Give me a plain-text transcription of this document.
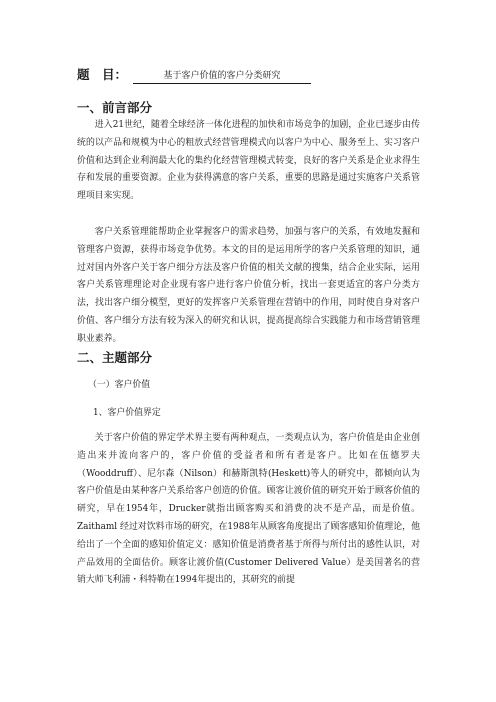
题　目：	基于客户价值的客户分类研究
一、前言部分

进入21世纪，随着全球经济一体化进程的加快和市场竞争的加剧，企业已逐步由传统的以产品和规模为中心的粗放式经营管理模式向以客户为中心、服务至上、实习客户价值和达到企业利润最大化的集约化经营管理模式转变，良好的客户关系是企业求得生存和发展的重要资源。企业为获得满意的客户关系，重要的思路是通过实施客户关系管理项目来实现。

客户关系管理能帮助企业掌握客户的需求趋势，加强与客户的关系，有效地发掘和管理客户资源，获得市场竞争优势。本文的目的是运用所学的客户关系管理的知识，通过对国内外客户关于客户细分方法及客户价值的相关文献的搜集，结合企业实际，运用客户关系管理理论对企业现有客户进行客户价值分析，找出一套更适宜的客户分类方法，找出客户细分模型，更好的发挥客户关系管理在营销中的作用，同时使自身对客户价值、客户细分方法有较为深入的研究和认识，提高提高综合实践能力和市场营销管理职业素养。

二、主题部分
（一）客户价值
1、客户价值界定

关于客户价值的界定学术界主要有两种观点，一类观点认为，客户价值是由企业创造出来并流向客户的，客户价值的受益者和所有者是客户。比如在伍德罗夫（Wooddruff）、尼尔森（Nilson）和赫斯凯特(Heskett)等人的研究中，都倾向认为客户价值是由某种客户关系给客户创造的价值。顾客让渡价值的研究开始于顾客价值的研究，早在1954年，Drucker就指出顾客购买和消费的决不是产品，而是价值。Zaithaml 经过对饮料市场的研究，在1988年从顾客角度提出了顾客感知价值理论，他给出了一个全面的感知价值定义：感知价值是消费者基于所得与所付出的感性认识，对产品效用的全面估价。顾客让渡价值(Customer Delivered Value）是美国著名的营销大师飞利浦・科特勒在1994年提出的，其研究的前提
